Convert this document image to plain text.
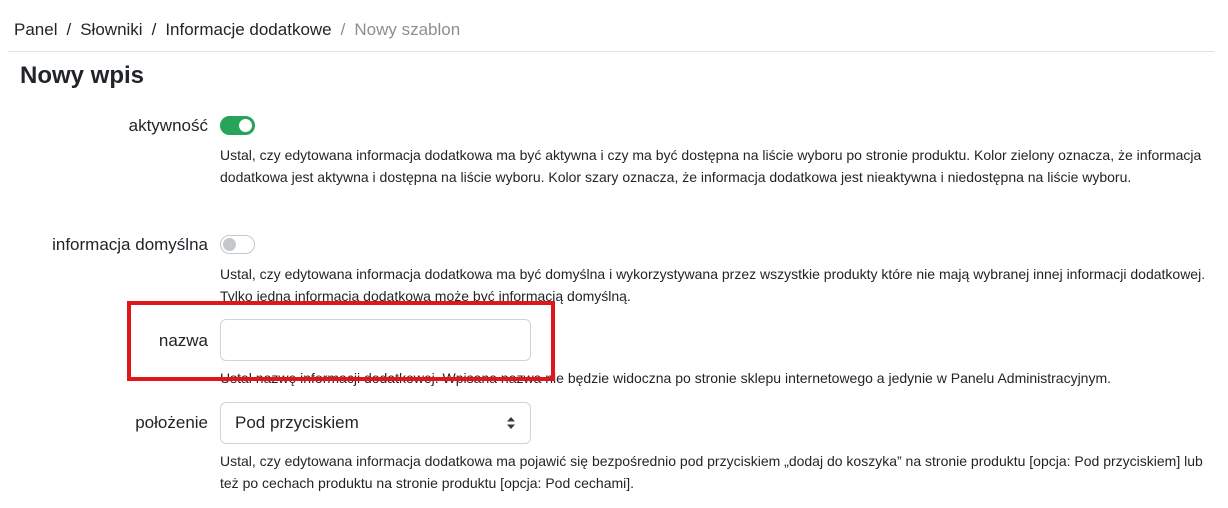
Panel / Słowniki / Informacje dodatkowe / Nowy szablon
Nowy wpis
aktywność
Ustal, czy edytowana informacja dodatkowa ma być aktywna i czy ma być dostępna na liście wyboru po stronie produktu. Kolor zielony oznacza, że informacja dodatkowa jest aktywna i dostępna na liście wyboru. Kolor szary oznacza, że informacja dodatkowa jest nieaktywna i niedostępna na liście wyboru.
informacja domyślna
Ustal, czy edytowana informacja dodatkowa ma być domyślna i wykorzystywana przez wszystkie produkty które nie mają wybranej innej informacji dodatkowej. Tylko jedna informacja dodatkowa może być informacją domyślną.
nazwa
Ustal nazwę informacji dodatkowej. Wpisana nazwa nie będzie widoczna po stronie sklepu internetowego a jedynie w Panelu Administracyjnym.
położenie Pod przyciskiem
Ustal, czy edytowana informacja dodatkowa ma pojawić się bezpośrednio pod przyciskiem „dodaj do koszyka” na stronie produktu [opcja: Pod przyciskiem] lub też po cechach produktu na stronie produktu [opcja: Pod cechami].
